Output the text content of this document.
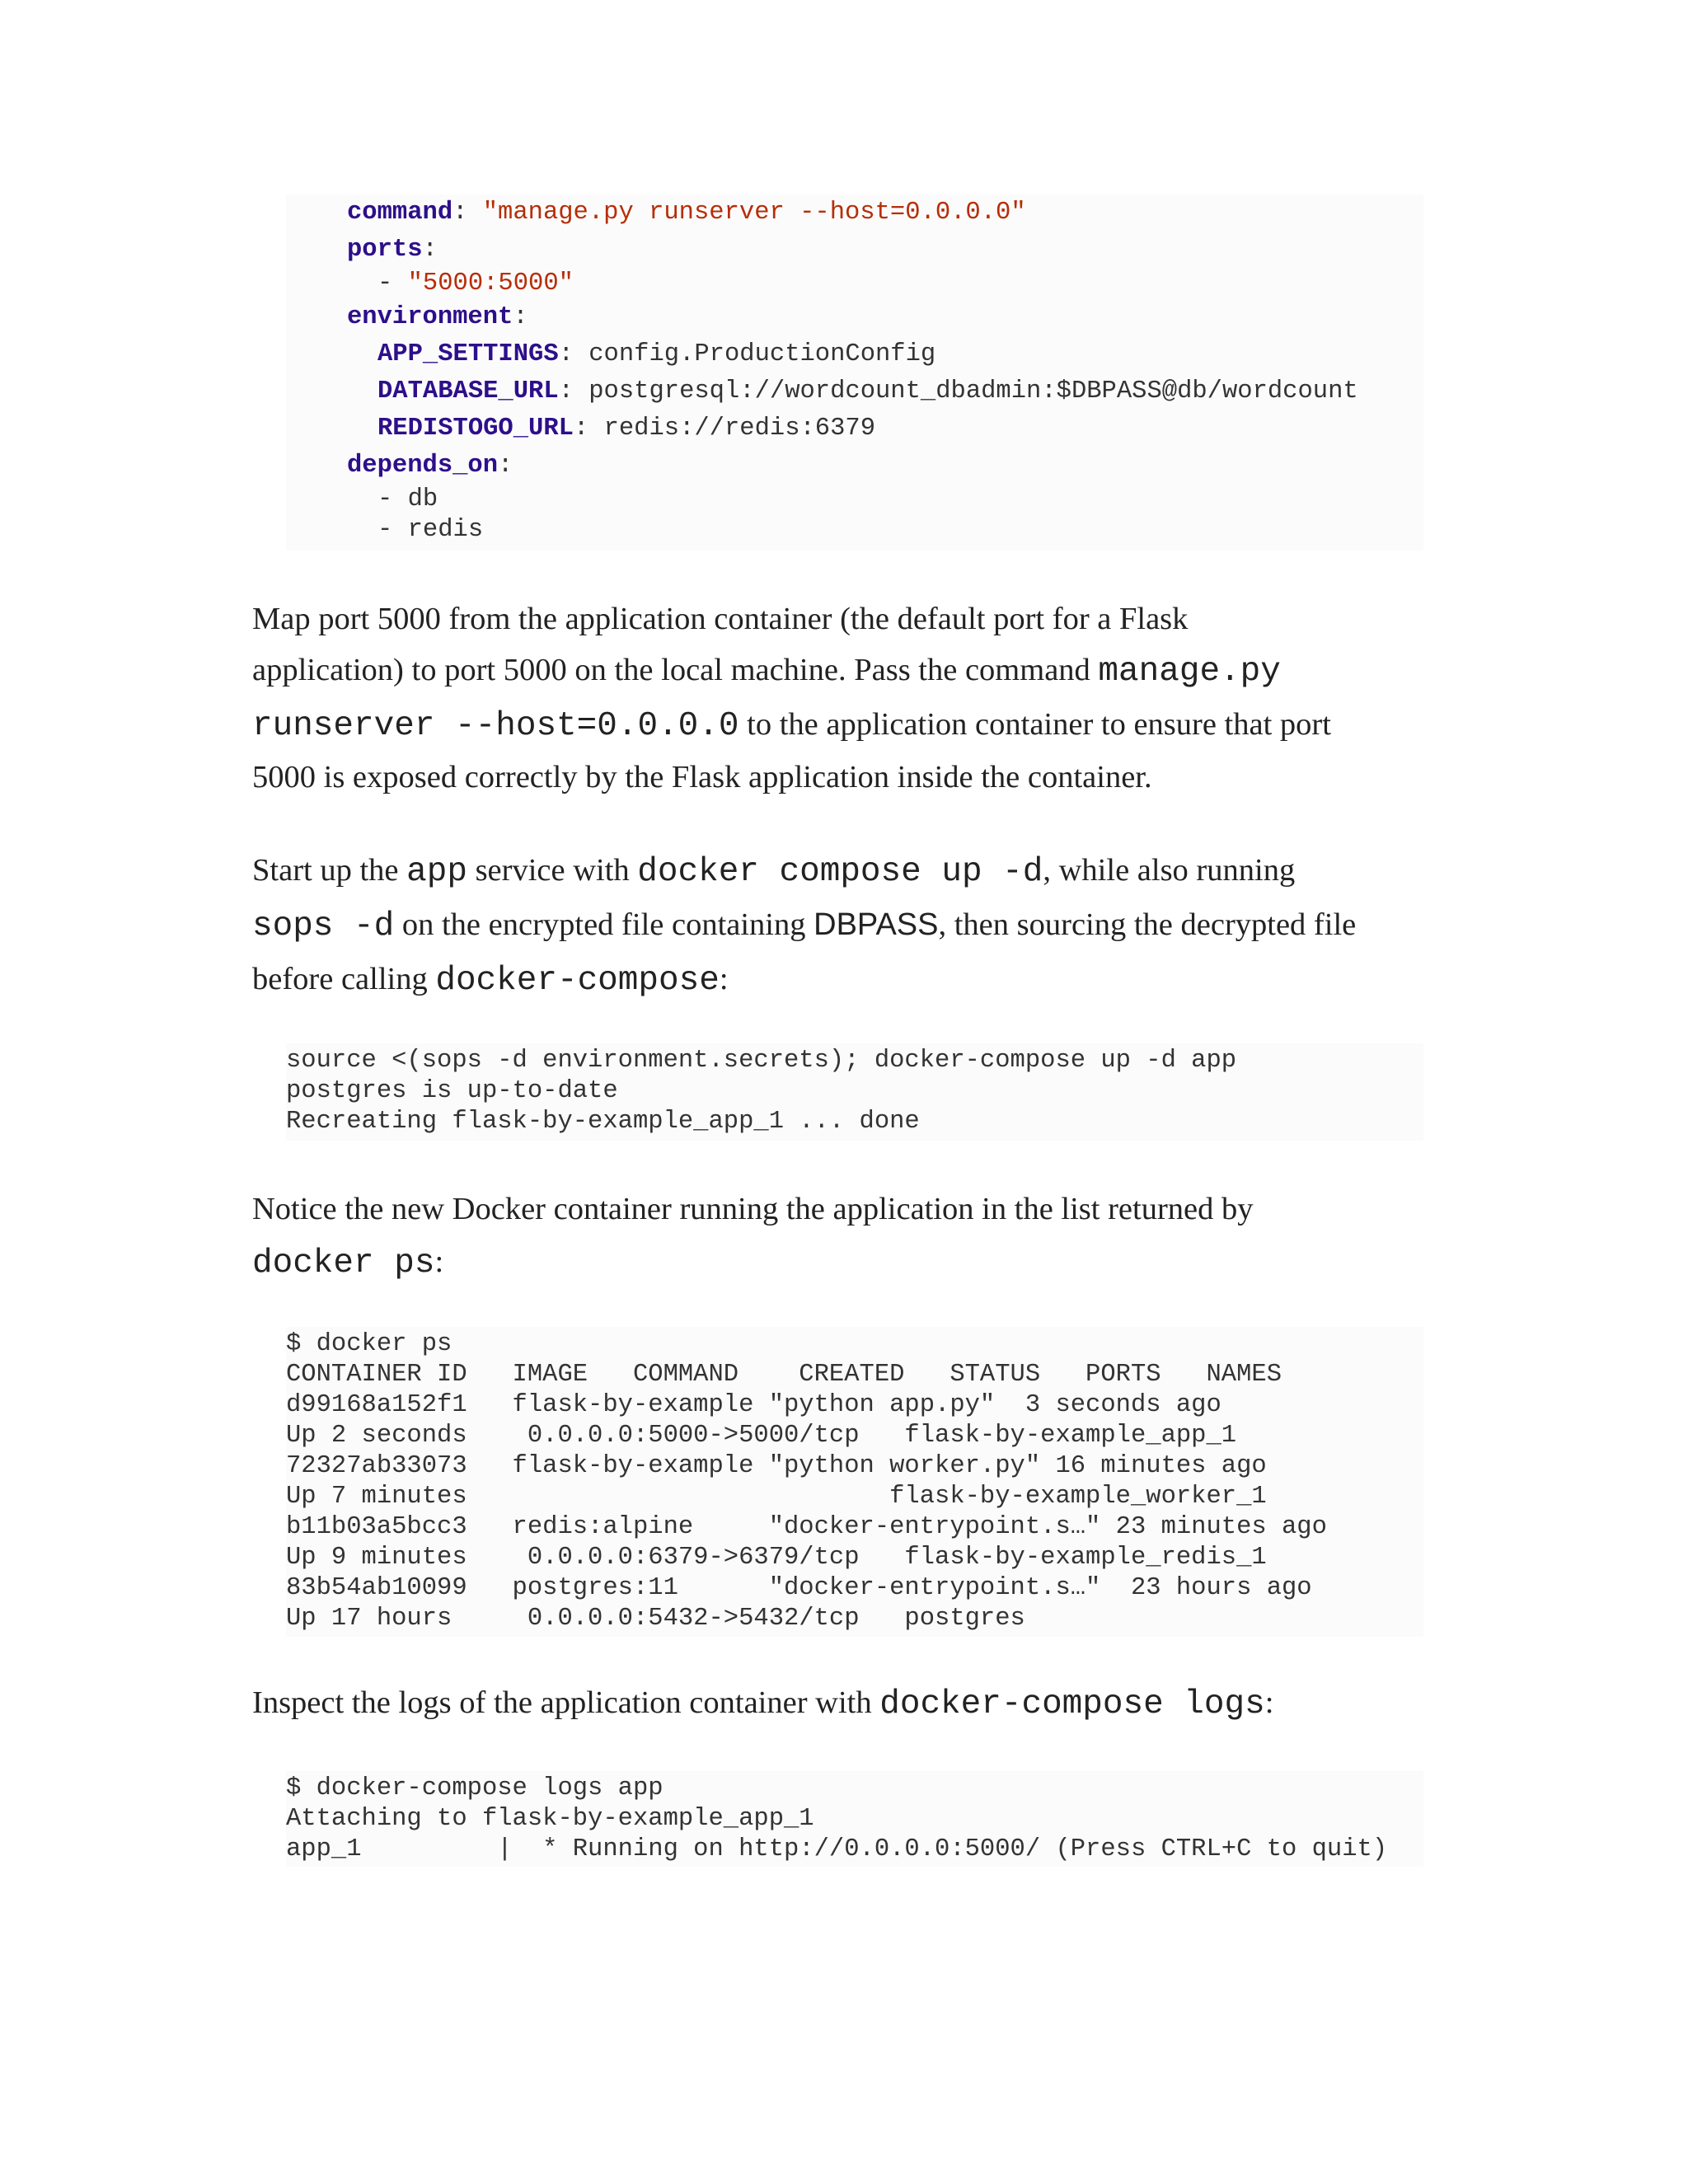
command: "manage.py runserver --host=0.0.0.0"

ports:

- "5000:5000"

environment:

APP_SETTINGS: config.ProductionConfig

DATABASE_URL: postgresql://wordcount_dbadmin:$DBPASS@db/wordcount

REDISTOGO_URL: redis://redis:6379

depends_on:

- db

- redis

Map port 5000 from the application container (the default port for a Flask
application) to port 5000 on the local machine. Pass the command manage.py
runserver --host=0.0.0.0 to the application container to ensure that port
5000 is exposed correctly by the Flask application inside the container.
Start up the app service with docker compose up -d, while also running
sops -d on the encrypted file containing DBPASS, then sourcing the decrypted file
before calling docker-compose:

source <(sops -d environment.secrets); docker-compose up -d app

postgres is up-to-date

Recreating flask-by-example_app_1 ... done

Notice the new Docker container running the application in the list returned by
docker ps:

$ docker ps

CONTAINER ID   IMAGE   COMMAND    CREATED   STATUS   PORTS   NAMES

d99168a152f1   flask-by-example "python app.py"  3 seconds ago

Up 2 seconds    0.0.0.0:5000->5000/tcp   flask-by-example_app_1

72327ab33073   flask-by-example "python worker.py" 16 minutes ago

Up 7 minutes                            flask-by-example_worker_1

b11b03a5bcc3   redis:alpine     "docker-entrypoint.s…" 23 minutes ago

Up 9 minutes    0.0.0.0:6379->6379/tcp   flask-by-example_redis_1

83b54ab10099   postgres:11      "docker-entrypoint.s…"  23 hours ago

Up 17 hours     0.0.0.0:5432->5432/tcp   postgres

Inspect the logs of the application container with docker-compose logs:

$ docker-compose logs app

Attaching to flask-by-example_app_1

app_1         |  * Running on http://0.0.0.0:5000/ (Press CTRL+C to quit)
